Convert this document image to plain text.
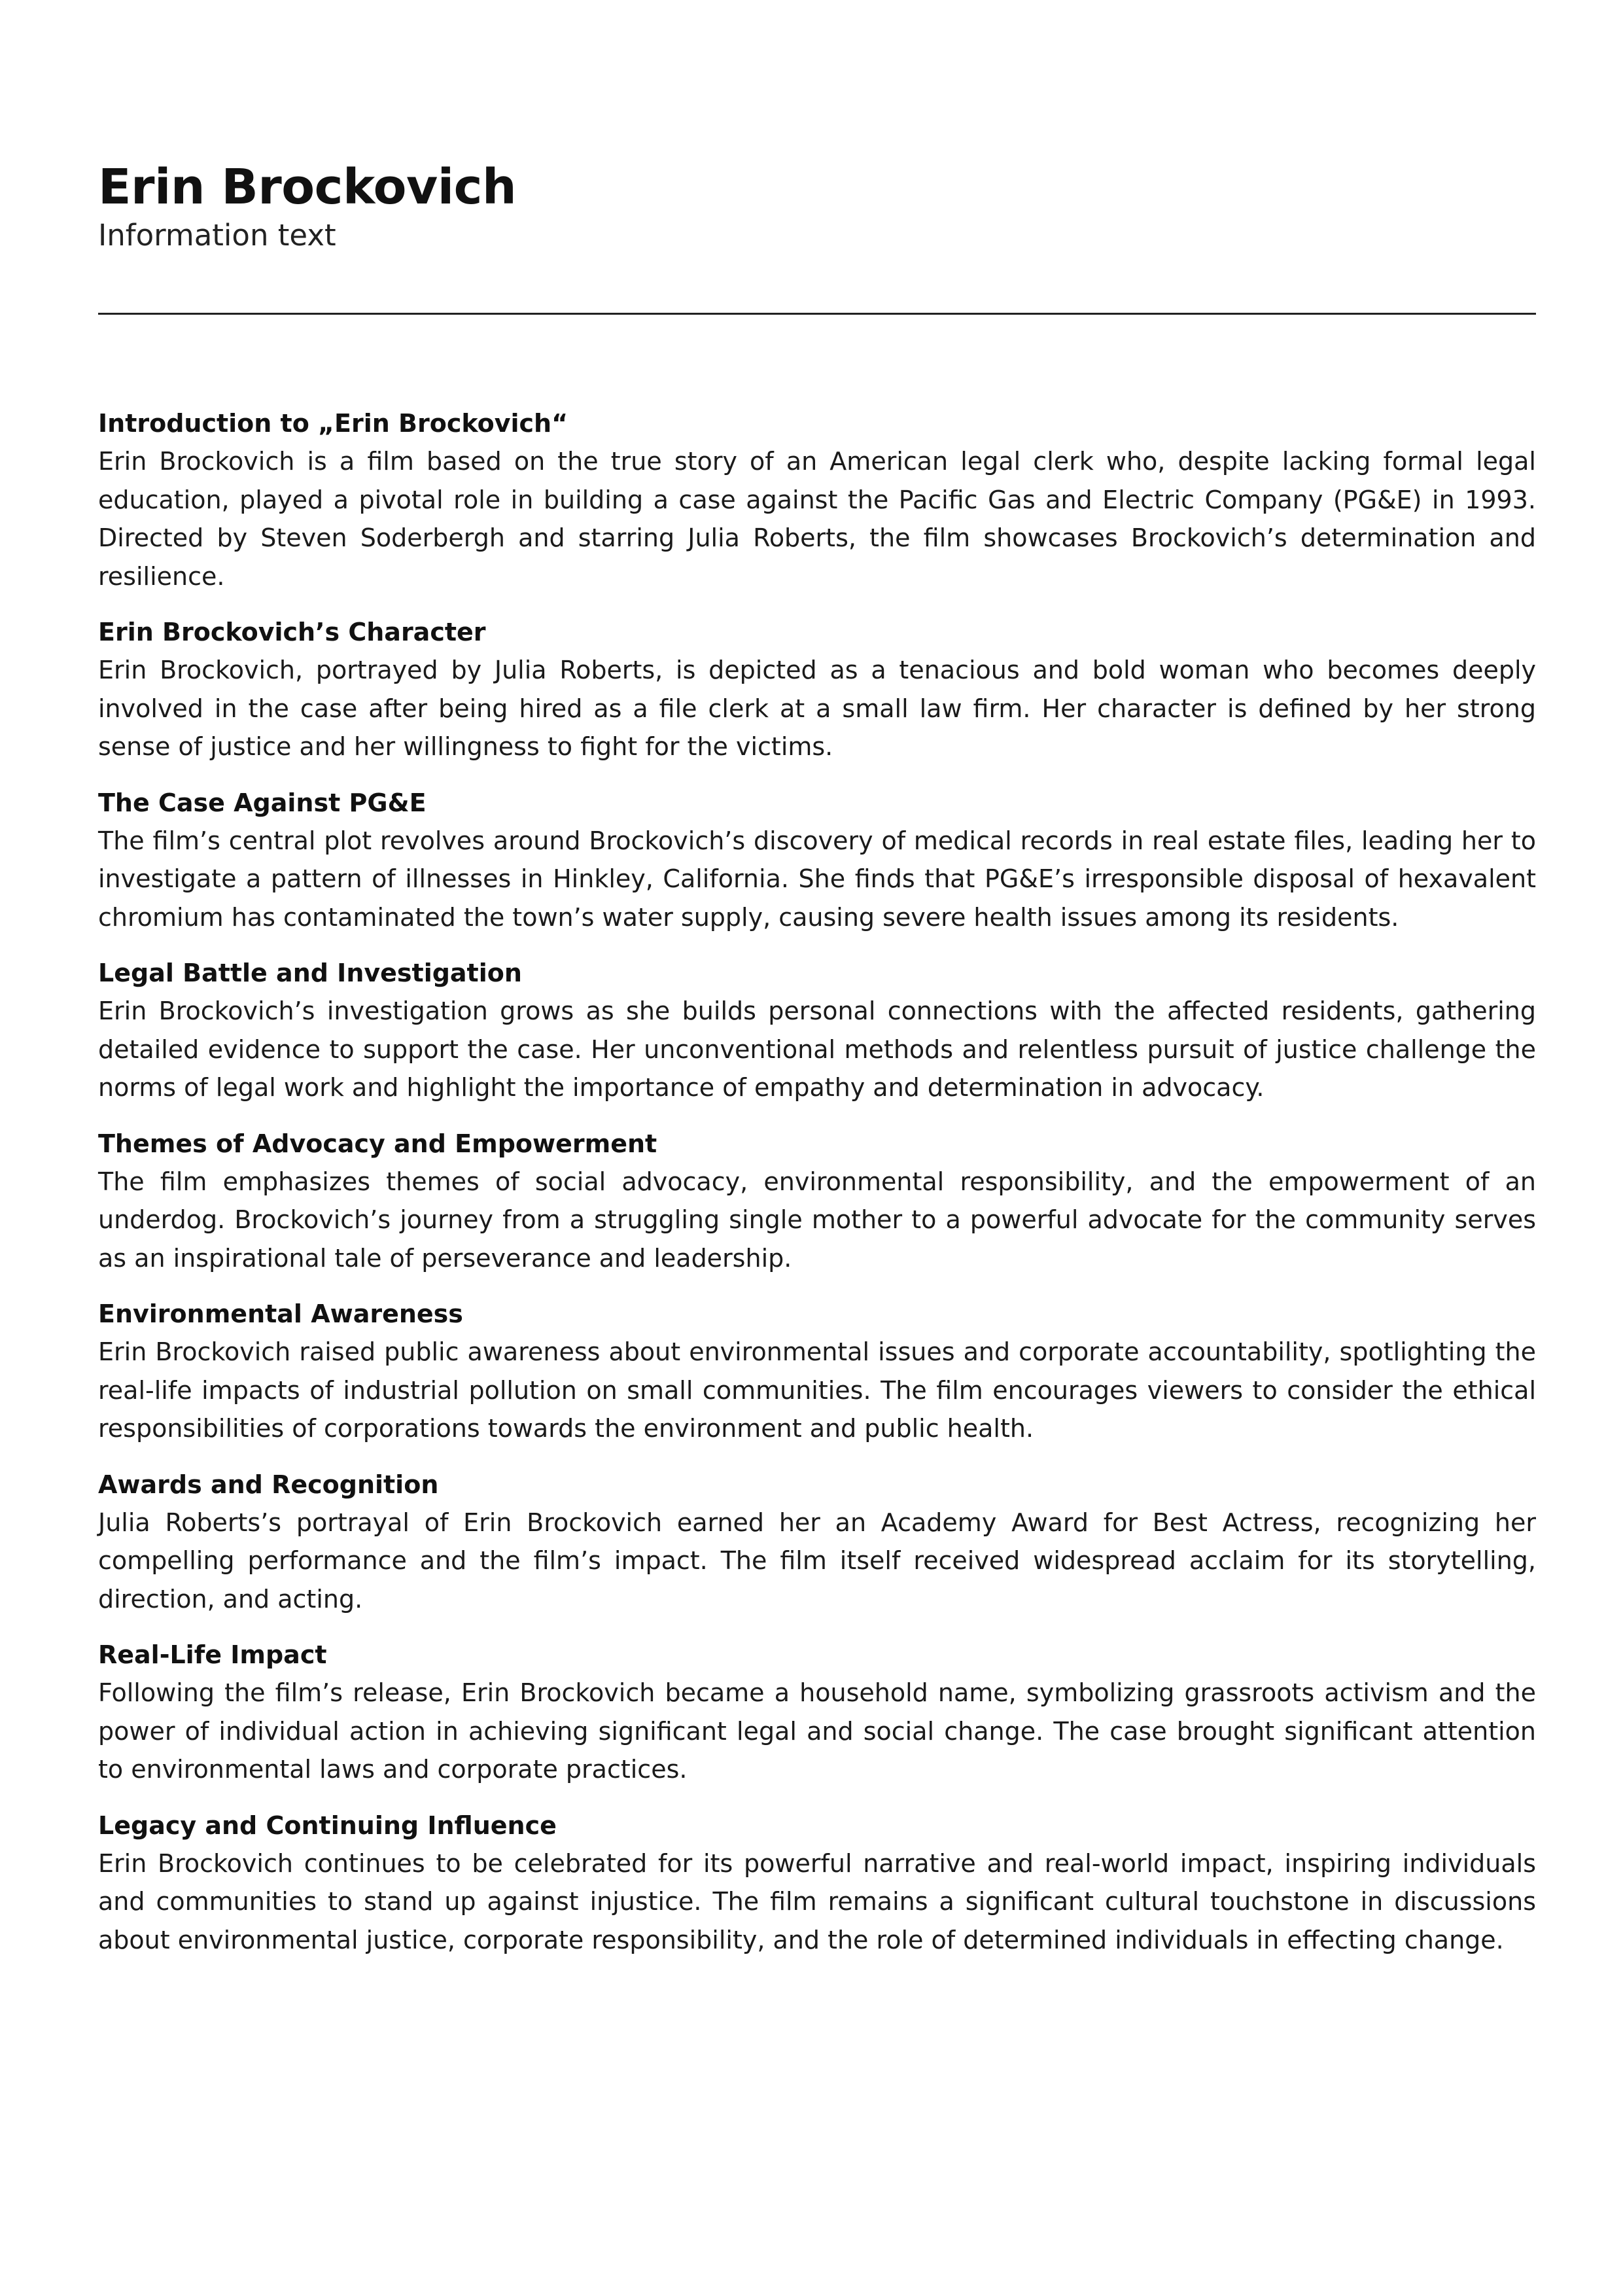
Erin Brockovich

Information text

Introduction to „Erin Brockovich“

Erin Brockovich is a film based on the true story of an American legal clerk who, despite lacking formal legal education, played a pivotal role in building a case against the Pacific Gas and Electric Company (PG&E) in 1993. Directed by Steven Soderbergh and starring Julia Roberts, the film showcases Brockovich’s determination and resilience.

Erin Brockovich’s Character

Erin Brockovich, portrayed by Julia Roberts, is depicted as a tenacious and bold woman who becomes deeply involved in the case after being hired as a file clerk at a small law firm. Her character is defined by her strong sense of justice and her willingness to fight for the victims.

The Case Against PG&E

The film’s central plot revolves around Brockovich’s discovery of medical records in real estate files, leading her to investigate a pattern of illnesses in Hinkley, California. She finds that PG&E’s irresponsible disposal of hexavalent chromium has contaminated the town’s water supply, causing severe health issues among its residents.

Legal Battle and Investigation

Erin Brockovich’s investigation grows as she builds personal connections with the affected residents, gathering detailed evidence to support the case. Her unconventional methods and relentless pursuit of justice challenge the norms of legal work and highlight the importance of empathy and determination in advocacy.

Themes of Advocacy and Empowerment

The film emphasizes themes of social advocacy, environmental responsibility, and the empowerment of an underdog. Brockovich’s journey from a struggling single mother to a powerful advocate for the community serves as an inspirational tale of perseverance and leadership.

Environmental Awareness

Erin Brockovich raised public awareness about environmental issues and corporate accountability, spotlighting the real-life impacts of industrial pollution on small communities. The film encourages viewers to consider the ethical responsibilities of corporations towards the environment and public health.

Awards and Recognition

Julia Roberts’s portrayal of Erin Brockovich earned her an Academy Award for Best Actress, recognizing her compelling performance and the film’s impact. The film itself received widespread acclaim for its storytelling, direction, and acting.

Real-Life Impact

Following the film’s release, Erin Brockovich became a household name, symbolizing grassroots activism and the power of individual action in achieving significant legal and social change. The case brought significant attention to environmental laws and corporate practices.

Legacy and Continuing Influence

Erin Brockovich continues to be celebrated for its powerful narrative and real-world impact, inspiring individuals and communities to stand up against injustice. The film remains a significant cultural touchstone in discussions about environmental justice, corporate responsibility, and the role of determined individuals in effecting change.
